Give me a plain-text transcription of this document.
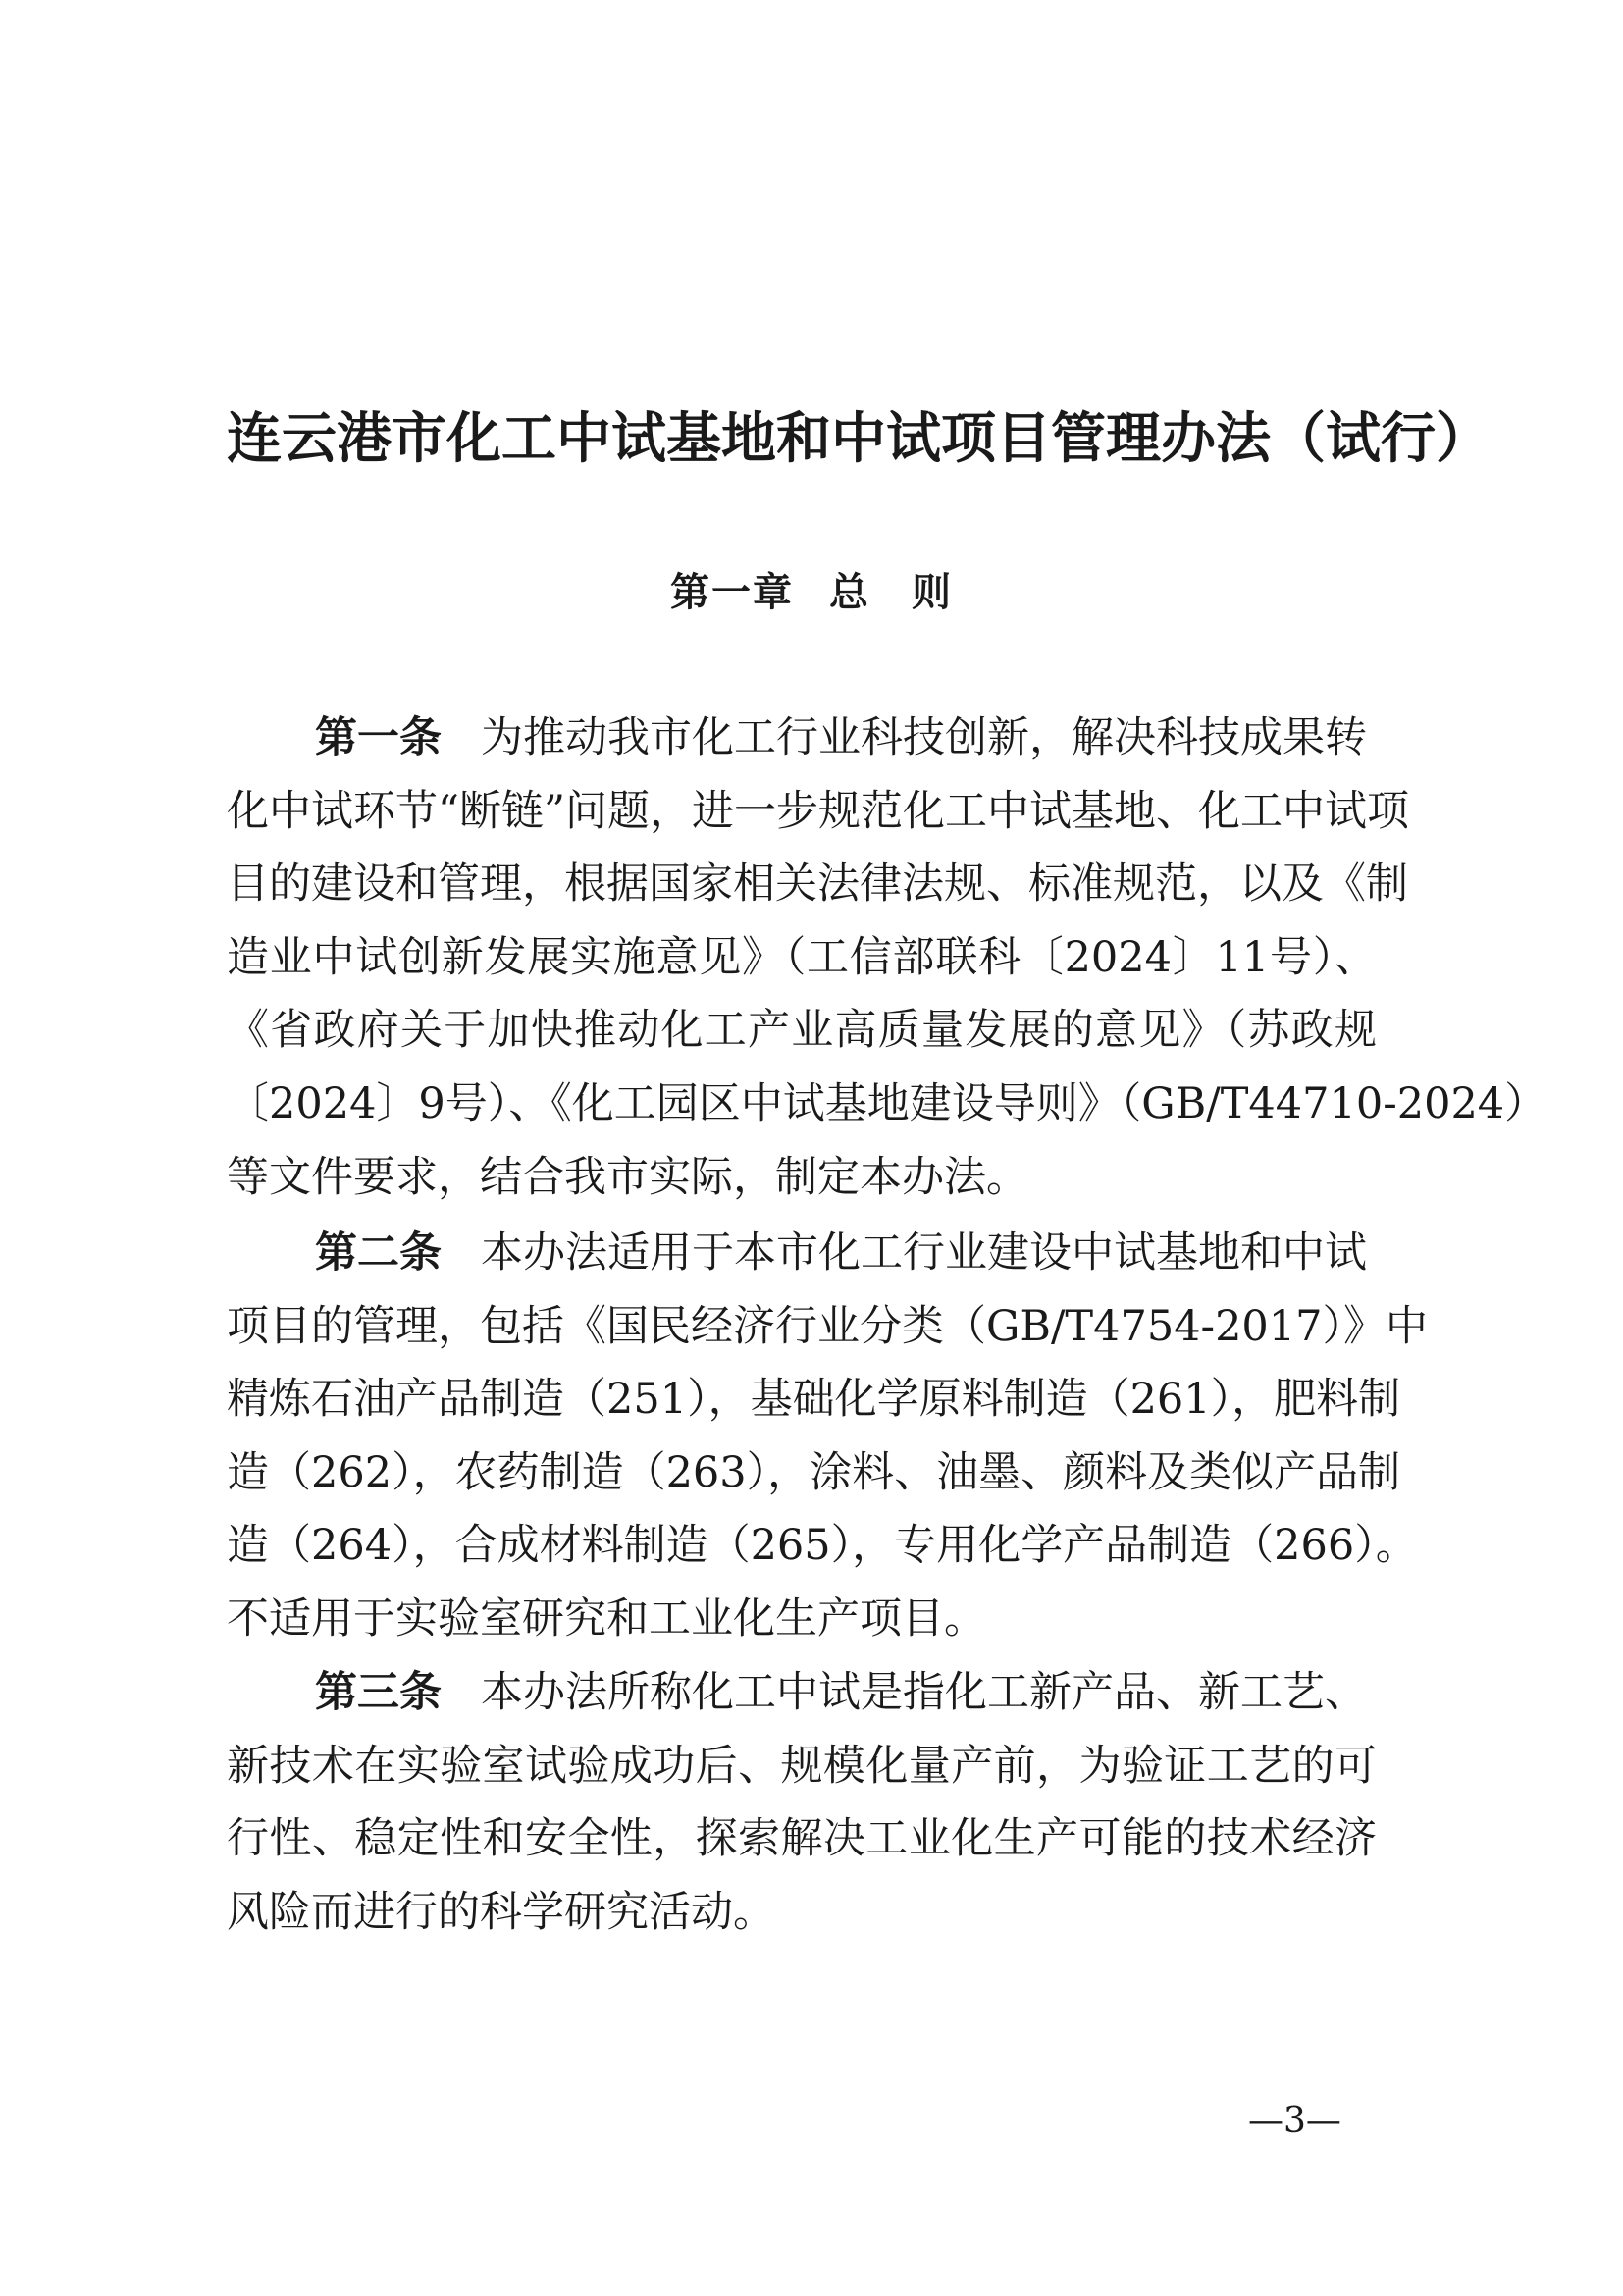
连云港市化工中试基地和中试项目管理办法（试行）
第一章 总　则
第一条 为推动我市化工行业科技创新，解决科技成果转
化中试环节“断链”问题，进一步规范化工中试基地、化工中试项
目的建设和管理，根据国家相关法律法规、标准规范，以及《制
造业中试创新发展实施意见》（工信部联科〔2024〕11号）、
《省政府关于加快推动化工产业高质量发展的意见》（苏政规
〔2024〕9号）、《化工园区中试基地建设导则》（GB/T44710-2024）
等文件要求，结合我市实际，制定本办法。
第二条 本办法适用于本市化工行业建设中试基地和中试
项目的管理，包括《国民经济行业分类（GB/T4754-2017）》中
精炼石油产品制造（251），基础化学原料制造（261），肥料制
造（262），农药制造（263），涂料、油墨、颜料及类似产品制
造（264），合成材料制造（265），专用化学产品制造（266）。
不适用于实验室研究和工业化生产项目。
第三条 本办法所称化工中试是指化工新产品、新工艺、
新技术在实验室试验成功后、规模化量产前，为验证工艺的可
行性、稳定性和安全性，探索解决工业化生产可能的技术经济
风险而进行的科学研究活动。
—3—
